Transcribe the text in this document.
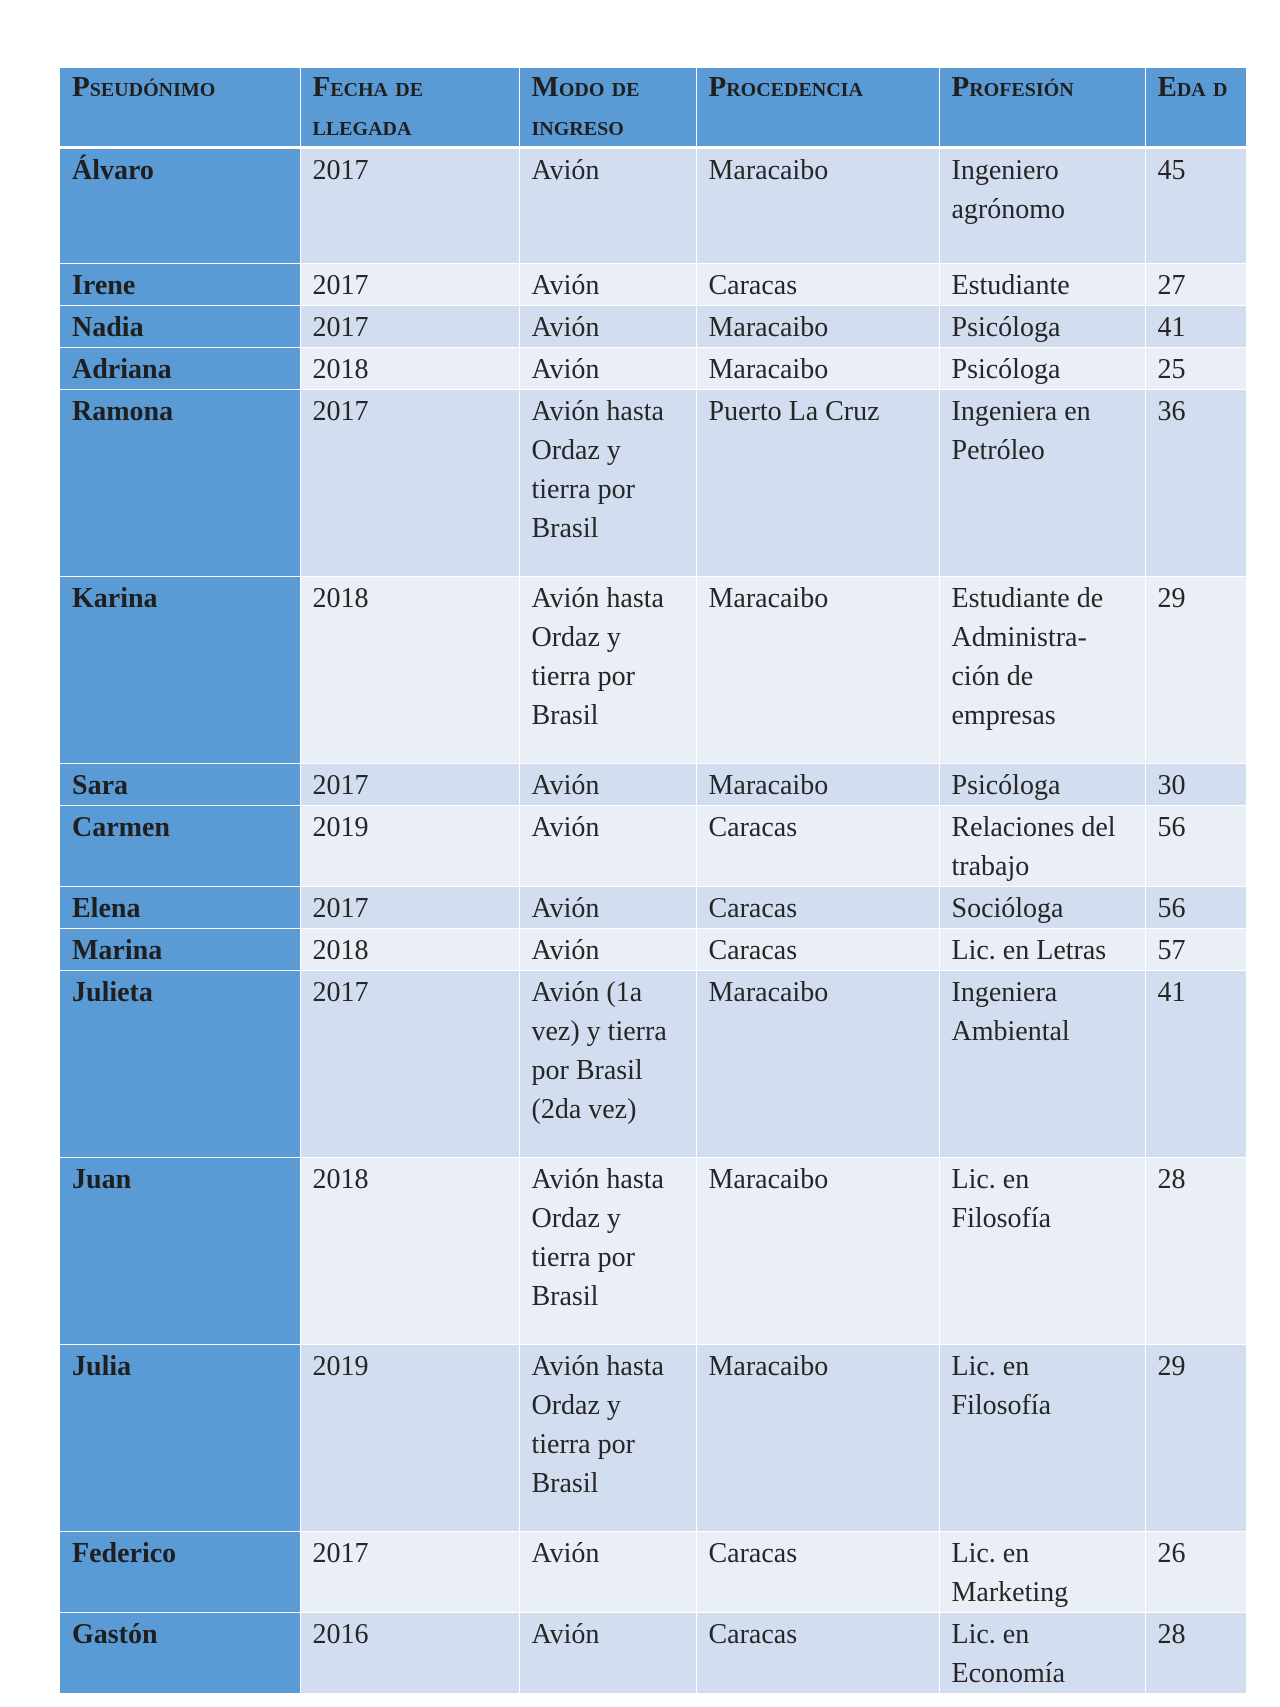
Pseudónimo	Fecha de llegada	Modo de ingreso	Procedencia	Profesión	Eda d
Álvaro	2017	Avión	Maracaibo	Ingeniero agrónomo	45
Irene	2017	Avión	Caracas	Estudiante	27
Nadia	2017	Avión	Maracaibo	Psicóloga	41
Adriana	2018	Avión	Maracaibo	Psicóloga	25
Ramona	2017	Avión hasta Ordaz y tierra por Brasil	Puerto La Cruz	Ingeniera en Petróleo	36
Karina	2018	Avión hasta Ordaz y tierra por Brasil	Maracaibo	Estudiante de Administra-ción de empresas	29
Sara	2017	Avión	Maracaibo	Psicóloga	30
Carmen	2019	Avión	Caracas	Relaciones del trabajo	56
Elena	2017	Avión	Caracas	Socióloga	56
Marina	2018	Avión	Caracas	Lic. en Letras	57
Julieta	2017	Avión (1a vez) y tierra por Brasil (2da vez)	Maracaibo	Ingeniera Ambiental	41
Juan	2018	Avión hasta Ordaz y tierra por Brasil	Maracaibo	Lic. en Filosofía	28
Julia	2019	Avión hasta Ordaz y tierra por Brasil	Maracaibo	Lic. en Filosofía	29
Federico	2017	Avión	Caracas	Lic. en Marketing	26
Gastón	2016	Avión	Caracas	Lic. en Economía	28
